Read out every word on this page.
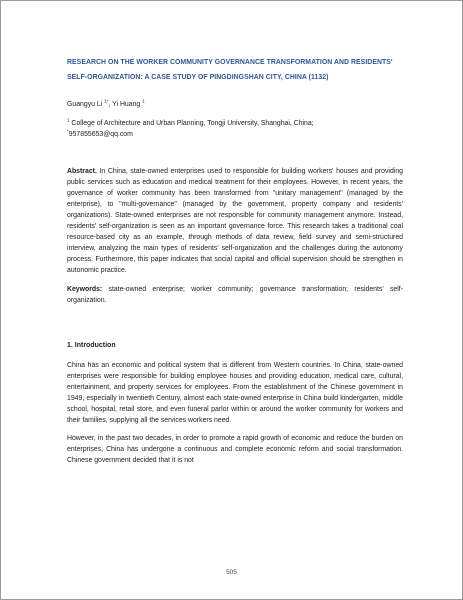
RESEARCH ON THE WORKER COMMUNITY GOVERNANCE TRANSFORMATION AND RESIDENTS' SELF-ORGANIZATION: A CASE STUDY OF PINGDINGSHAN CITY, CHINA (1132)
Guangyu Li $^{1*}$, Yi Huang $^1$
$^1$ College of Architecture and Urban Planning, Tongji University, Shanghai, China;
*957855653@qq.com

Abstract. In China, state-owned enterprises used to responsible for building workers' houses and providing public services such as education and medical treatment for their employees. However, in recent years, the governance of worker community has been transformed from "unitary management" (managed by the enterprise), to "multi-governance" (managed by the government, property company and residents' organizations). State-owned enterprises are not responsible for community management anymore. Instead, residents' self-organization is seen as an important governance force. This research takes a traditional coal resource-based city as an example, through methods of data review, field survey and semi-structured interview, analyzing the main types of residents' self-organization and the challenges during the autonomy process. Furthermore, this paper indicates that social capital and official supervision should be strengthen in autonomic practice.

Keywords: state-owned enterprise; worker community; governance transformation; residents' self-organization.

1. Introduction

China has an economic and political system that is different from Western countries. In China, state-owned enterprises were responsible for building employee houses and providing education, medical care, cultural, entertainment, and property services for employees. From the establishment of the Chinese government in 1949, especially in twentieth Century, almost each state-owned enterprise in China build kindergarten, middle school, hospital, retail store, and even funeral parlor within or around the worker community for workers and their families, supplying all the services workers need.

However, in the past two decades, in order to promote a rapid growth of economic and reduce the burden on enterprises, China has undergone a continuous and complete economic reform and social transformation. Chinese government decided that it is not

505
